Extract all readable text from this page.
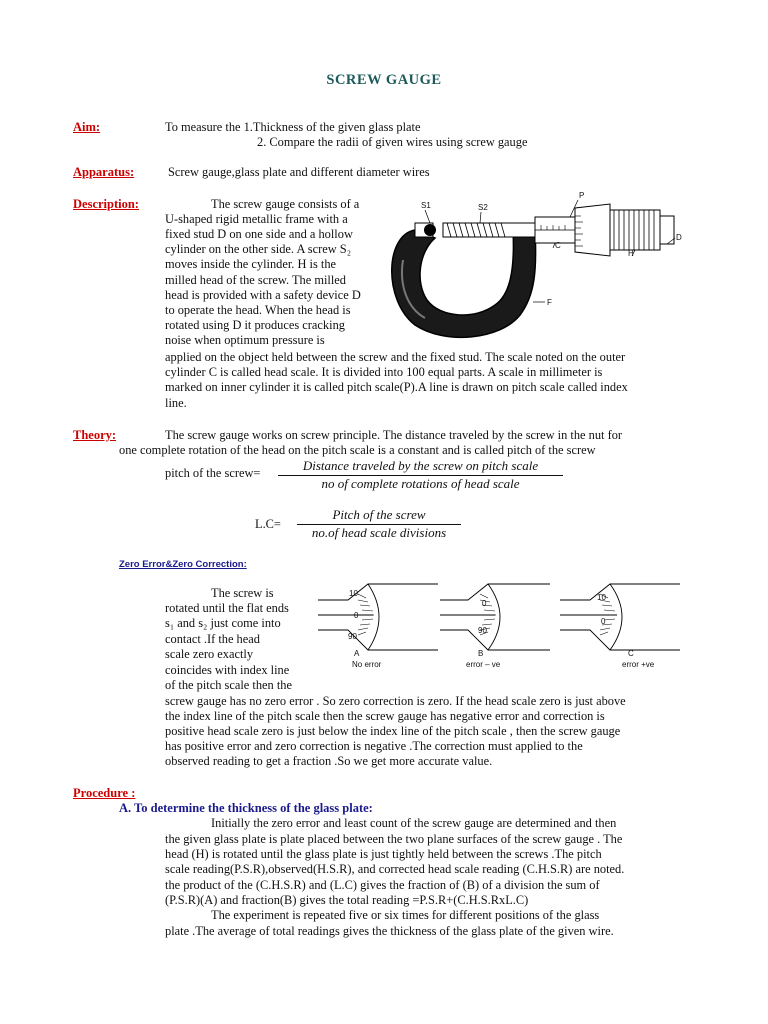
SCREW GAUGE
Aim:	To measure the 1.Thickness of the given glass plate
2. Compare the radii of given wires using screw gauge
Apparatus:	Screw gauge,glass plate and different diameter wires
Description:	The screw gauge consists of a
U-shaped rigid metallic frame with a
fixed stud D on one side and a hollow
cylinder on the other side. A screw S₂
moves inside the cylinder. H is the
milled head of the screw. The milled
head is provided with a safety device D
to operate the head. When the head is
rotated using D it produces cracking
noise when optimum pressure is
applied on the object held between the screw and the fixed stud. The scale noted on the outer
cylinder C is called head scale. It is divided into 100 equal parts. A scale in millimeter is
marked on inner cylinder it is called pitch scale(P).A line is drawn on pitch scale called index
line.
S1	S2
P
C
D
H
F
Theory:	The screw gauge works on screw principle. The distance traveled by the screw in the nut for
one complete rotation of the head on the pitch scale is a constant and is called pitch of the screw
pitch of the screw=	Distance traveled by the screw on pitch scale
no of complete rotations of head scale
L.C=
Pitch of the screw
no.of head scale divisions
Zero Error&Zero Correction:
The screw is
rotated until the flat ends
s₁ and s₂ just come into
contact .If the head
scale zero exactly
coincides with index line
of the pitch scale then the
screw gauge has no zero error . So zero correction is zero. If the head scale zero is just above
the index line of the pitch scale then the screw gauge has negative error and correction is
positive head scale zero is just below the index line of the pitch scale , then the screw gauge
has positive error and zero correction is negative .The correction must applied to the
observed reading to get a fraction .So we get more accurate value.
10
0
90
A
No error
0
90
B
error – ve
10
0
C
error +ve
Procedure :
A. To determine the thickness of the glass plate:
Initially the zero error and least count of the screw gauge are determined and then
the given glass plate is plate placed between the two plane surfaces of the screw gauge . The
head (H) is rotated until the glass plate is just tightly held between the screws .The pitch
scale reading(P.S.R),observed(H.S.R), and corrected head scale reading (C.H.S.R) are noted.
the product of the (C.H.S.R) and (L.C) gives the fraction of (B) of a division the sum of
(P.S.R)(A) and fraction(B) gives the total reading =P.S.R+(C.H.S.RxL.C)
The experiment is repeated five or six times for different positions of the glass
plate .The average of total readings gives the thickness of the glass plate of the given wire.
